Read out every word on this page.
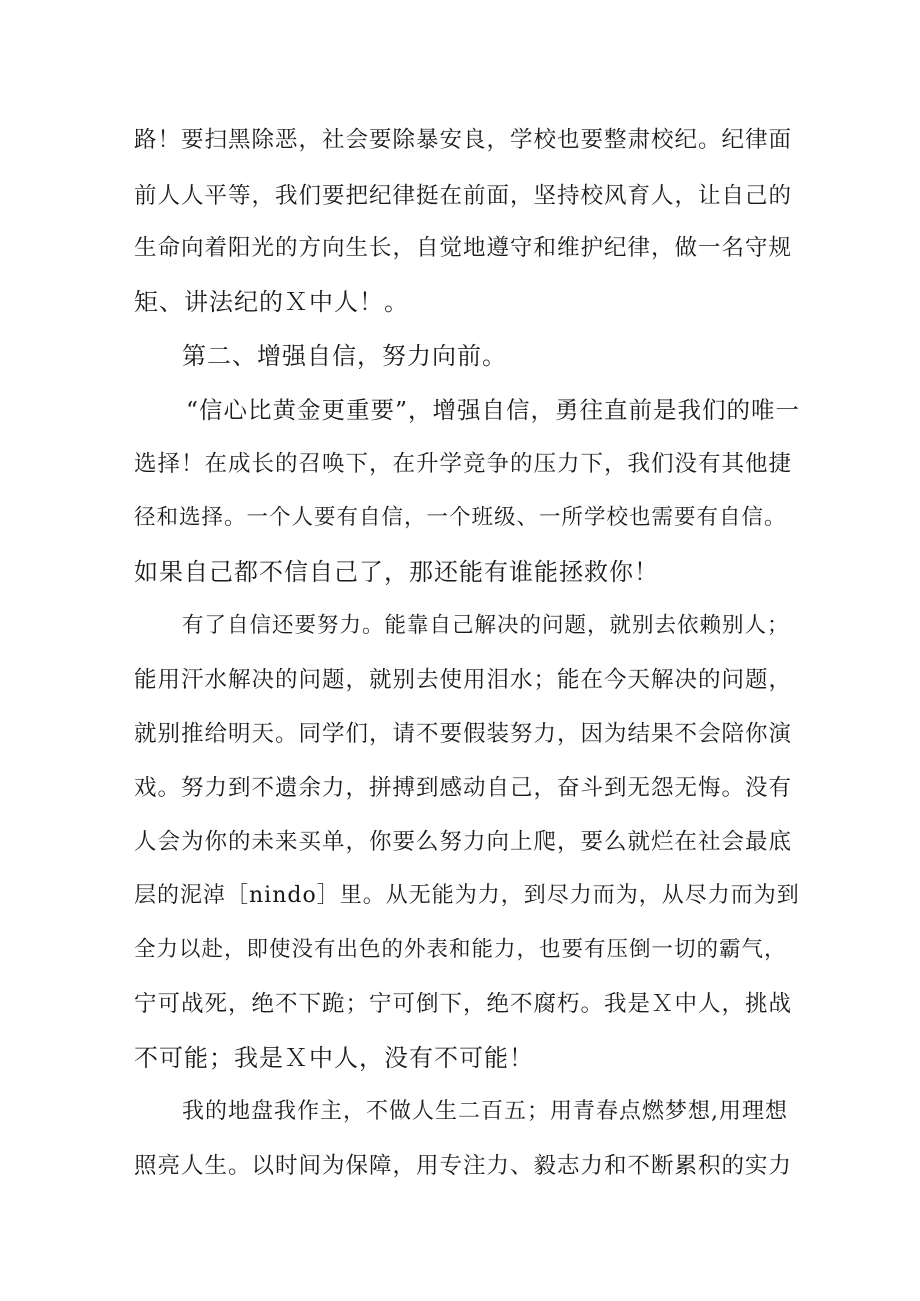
路！要扫黑除恶，社会要除暴安良，学校也要整肃校纪。纪律面

前人人平等，我们要把纪律挺在前面，坚持校风育人，让自己的

生命向着阳光的方向生长，自觉地遵守和维护纪律，做一名守规

矩、讲法纪的Ｘ中人！。

第二、增强自信，努力向前。

“信心比黄金更重要”，增强自信，勇往直前是我们的唯一

选择！在成长的召唤下，在升学竞争的压力下，我们没有其他捷

径和选择。一个人要有自信，一个班级、一所学校也需要有自信。

如果自己都不信自己了，那还能有谁能拯救你！

有了自信还要努力。能靠自己解决的问题，就别去依赖别人；

能用汗水解决的问题，就别去使用泪水；能在今天解决的问题，

就别推给明天。同学们，请不要假装努力，因为结果不会陪你演

戏。努力到不遗余力，拼搏到感动自己，奋斗到无怨无悔。没有

人会为你的未来买单，你要么努力向上爬，要么就烂在社会最底

层的泥淖［nindo］里。从无能为力，到尽力而为，从尽力而为到

全力以赴，即使没有出色的外表和能力，也要有压倒一切的霸气，

宁可战死，绝不下跪；宁可倒下，绝不腐朽。我是Ｘ中人，挑战

不可能；我是Ｘ中人，没有不可能！

我的地盘我作主，不做人生二百五；用青春点燃梦想,用理想

照亮人生。以时间为保障，用专注力、毅志力和不断累积的实力
